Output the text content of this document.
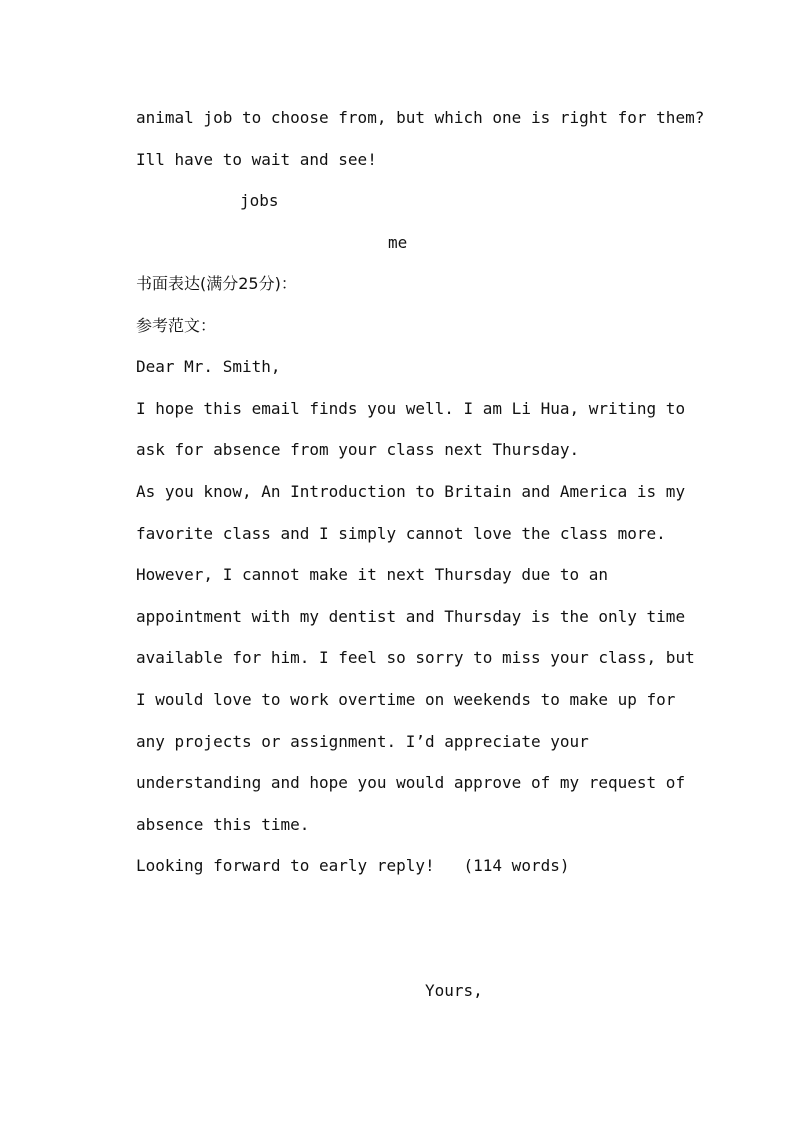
animal job to choose from, but which one is right for them?
Ill have to wait and see!
jobs
me
书面表达(满分25分)：
参考范文：
Dear Mr. Smith,
I hope this email finds you well. I am Li Hua, writing to
ask for absence from your class next Thursday.
As you know, An Introduction to Britain and America is my
favorite class and I simply cannot love the class more.
However, I cannot make it next Thursday due to an
appointment with my dentist and Thursday is the only time
available for him. I feel so sorry to miss your class, but
I would love to work overtime on weekends to make up for
any projects or assignment. I’d appreciate your
understanding and hope you would approve of my request of
absence this time.
Looking forward to early reply!   (114 words)
Yours,
